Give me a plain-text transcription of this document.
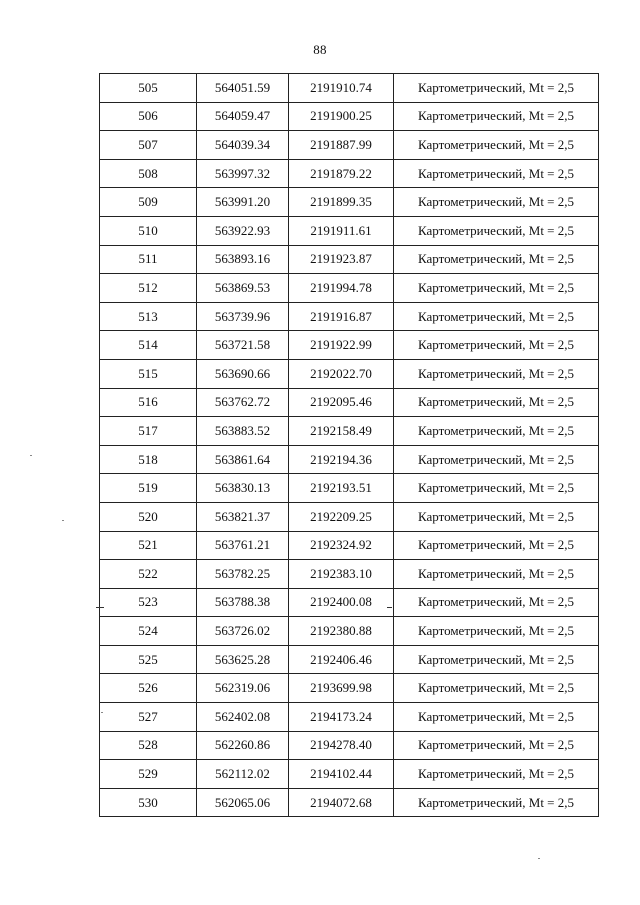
88
505	564051.59	2191910.74	Картометрический, Mt = 2,5
506	564059.47	2191900.25	Картометрический, Mt = 2,5
507	564039.34	2191887.99	Картометрический, Mt = 2,5
508	563997.32	2191879.22	Картометрический, Mt = 2,5
509	563991.20	2191899.35	Картометрический, Mt = 2,5
510	563922.93	2191911.61	Картометрический, Mt = 2,5
511	563893.16	2191923.87	Картометрический, Mt = 2,5
512	563869.53	2191994.78	Картометрический, Mt = 2,5
513	563739.96	2191916.87	Картометрический, Mt = 2,5
514	563721.58	2191922.99	Картометрический, Mt = 2,5
515	563690.66	2192022.70	Картометрический, Mt = 2,5
516	563762.72	2192095.46	Картометрический, Mt = 2,5
517	563883.52	2192158.49	Картометрический, Mt = 2,5
518	563861.64	2192194.36	Картометрический, Mt = 2,5
519	563830.13	2192193.51	Картометрический, Mt = 2,5
520	563821.37	2192209.25	Картометрический, Mt = 2,5
521	563761.21	2192324.92	Картометрический, Mt = 2,5
522	563782.25	2192383.10	Картометрический, Mt = 2,5
523	563788.38	2192400.08	Картометрический, Mt = 2,5
524	563726.02	2192380.88	Картометрический, Mt = 2,5
525	563625.28	2192406.46	Картометрический, Mt = 2,5
526	562319.06	2193699.98	Картометрический, Mt = 2,5
527	562402.08	2194173.24	Картометрический, Mt = 2,5
528	562260.86	2194278.40	Картометрический, Mt = 2,5
529	562112.02	2194102.44	Картометрический, Mt = 2,5
530	562065.06	2194072.68	Картометрический, Mt = 2,5
